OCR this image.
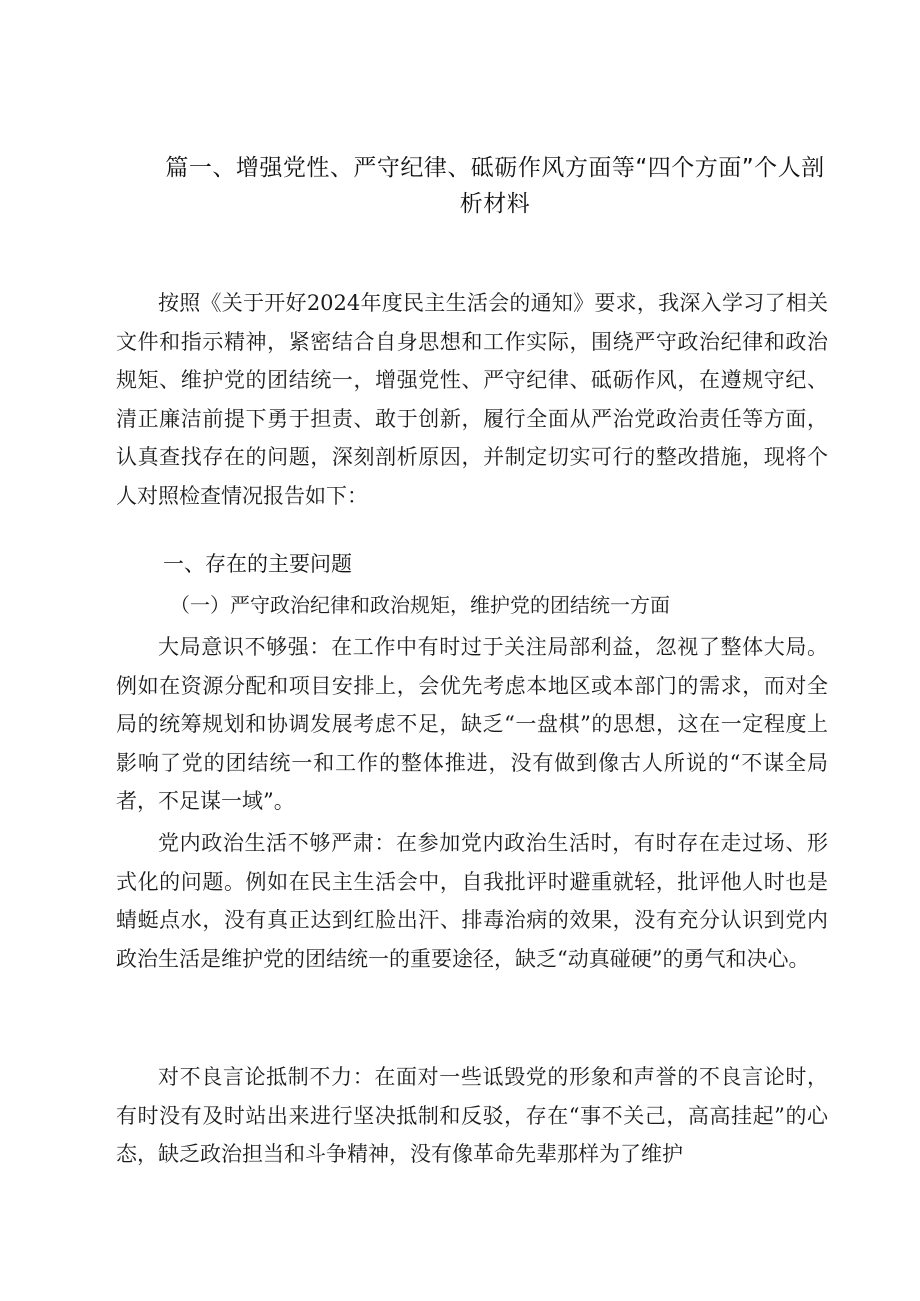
篇一、增强党性、严守纪律、砥砺作风方面等“四个方面”个人剖
析材料
按照《关于开好2024年度民主生活会的通知》要求，我深入学习了相关文件和指示精神，紧密结合自身思想和工作实际，围绕严守政治纪律和政治规矩、维护党的团结统一，增强党性、严守纪律、砥砺作风，在遵规守纪、清正廉洁前提下勇于担责、敢于创新，履行全面从严治党政治责任等方面，认真查找存在的问题，深刻剖析原因，并制定切实可行的整改措施，现将个人对照检查情况报告如下：
一、存在的主要问题
（一）严守政治纪律和政治规矩，维护党的团结统一方面
大局意识不够强：在工作中有时过于关注局部利益，忽视了整体大局。例如在资源分配和项目安排上，会优先考虑本地区或本部门的需求，而对全局的统筹规划和协调发展考虑不足，缺乏“一盘棋”的思想，这在一定程度上影响了党的团结统一和工作的整体推进，没有做到像古人所说的“不谋全局者，不足谋一域”。
党内政治生活不够严肃：在参加党内政治生活时，有时存在走过场、形式化的问题。例如在民主生活会中，自我批评时避重就轻，批评他人时也是蜻蜓点水，没有真正达到红脸出汗、排毒治病的效果，没有充分认识到党内政治生活是维护党的团结统一的重要途径，缺乏“动真碰硬”的勇气和决心。
对不良言论抵制不力：在面对一些诋毁党的形象和声誉的不良言论时，有时没有及时站出来进行坚决抵制和反驳，存在“事不关己，高高挂起”的心态，缺乏政治担当和斗争精神，没有像革命先辈那样为了维护
